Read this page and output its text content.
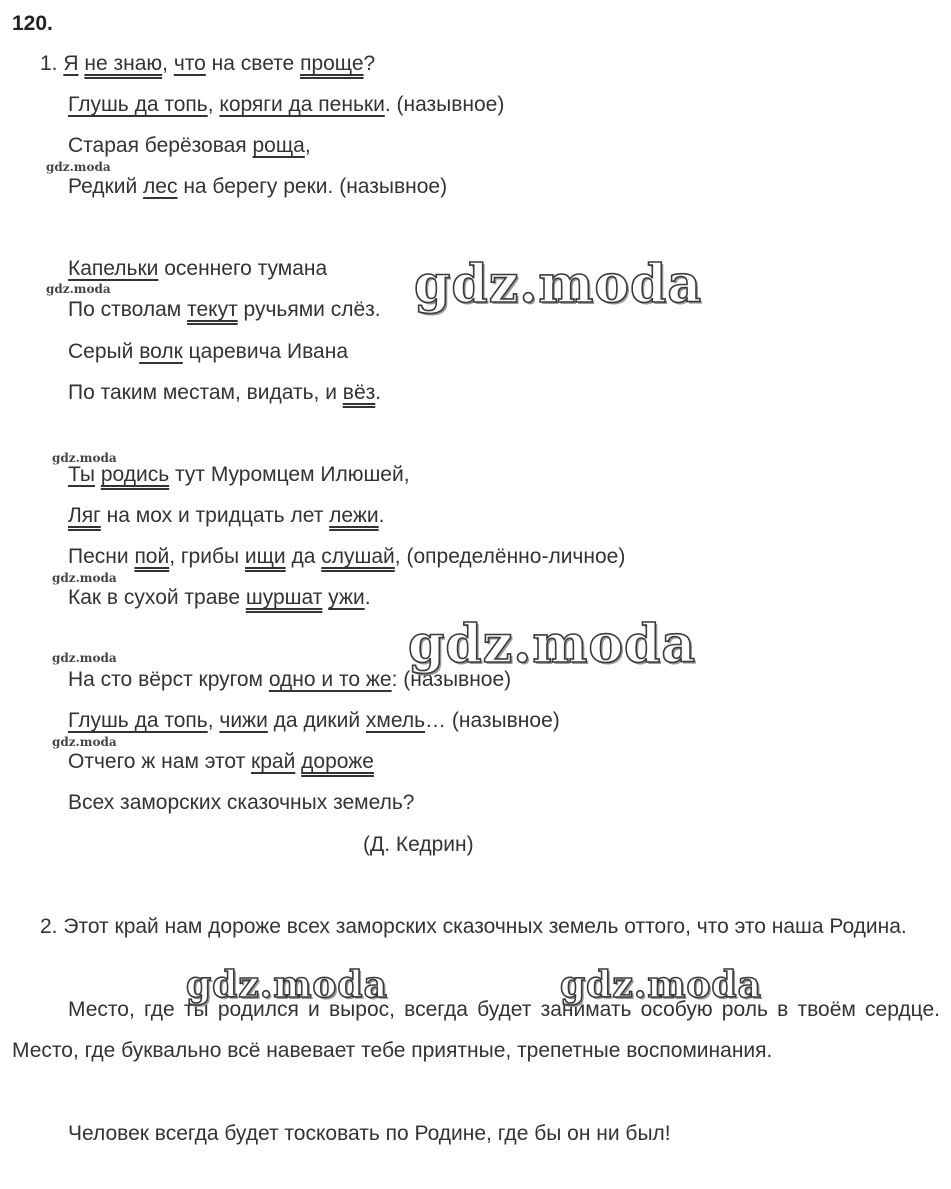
120.
1. Я не знаю, что на свете проще?
Глушь да топь, коряги да пеньки. (назывное)
Старая берёзовая роща,
Редкий лес на берегу реки. (назывное)
Капельки осеннего тумана
По стволам текут ручьями слёз.
Серый волк царевича Ивана
По таким местам, видать, и вёз.
Ты родись тут Муромцем Илюшей,
Ляг на мох и тридцать лет лежи.
Песни пой, грибы ищи да слушай, (определённо-личное)
Как в сухой траве шуршат ужи.
На сто вёрст кругом одно и то же: (назывное)
Глушь да топь, чижи да дикий хмель… (назывное)
Отчего ж нам этот край дороже
Всех заморских сказочных земель?
(Д. Кедрин)
2. Этот край нам дороже всех заморских сказочных земель оттого, что это наша Родина.
Место, где ты родился и вырос, всегда будет занимать особую роль в твоём сердце. Место, где буквально всё навевает тебе приятные, трепетные воспоминания.
Человек всегда будет тосковать по Родине, где бы он ни был!
gdz.moda
gdz.moda
gdz.moda	gdz.moda
gdz.moda
gdz.moda
gdz.moda
gdz.moda
gdz.moda
gdz.moda
